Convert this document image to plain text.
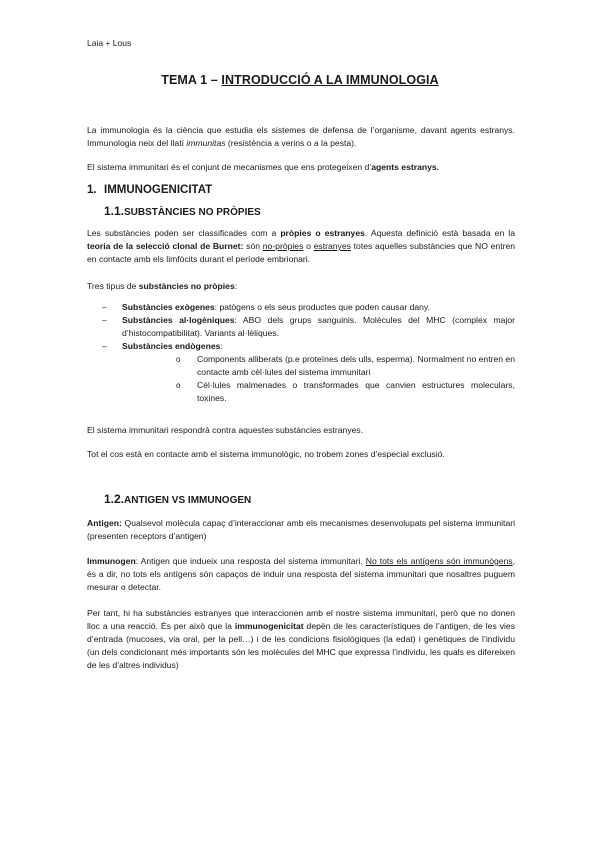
Laia + Lous
TEMA 1 – INTRODUCCIÓ A LA IMMUNOLOGIA

La immunologia és la ciència que estudia els sistemes de defensa de l’organisme, davant agents estranys. Immunologia neix del llatí immunitas (resistència a verins o a la pesta).

El sistema immunitari és el conjunt de mecanismes que ens protegeixen d’agents estranys.

1. IMMUNOGENICITAT
1.1.SUBSTÀNCIES NO PRÒPIES

Les substàncies poden ser classificades com a pròpies o estranyes. Aquesta definició està basada en la teoria de la selecció clonal de Burnet: són no-pròpies o estranyes totes aquelles substàncies que NO entren en contacte amb els limfòcits durant el període embrionari.

Tres tipus de substàncies no pròpies:

– Substàncies exògenes: patògens o els seus productes que poden causar dany.
– Substàncies al·logèniques: ABO dels grups sanguinis. Molècules del MHC (complex major d’histocompatibilitat). Variants al·lèliques.
– Substàncies endògenes:
o Components alliberats (p.e proteïnes dels ulls, esperma). Normalment no entren en contacte amb cèl·lules del sistema immunitari
o Cèl·lules malmenades o transformades que canvien estructures moleculars, toxines.

El sistema immunitari respondrà contra aquestes substàncies estranyes.

Tot el cos està en contacte amb el sistema immunològic, no trobem zones d’especial exclusió.

1.2.ANTIGEN VS IMMUNOGEN

Antigen: Qualsevol molècula capaç d’interaccionar amb els mecanismes desenvolupats pel sistema immunitari (presenten receptors d’antigen)

Immunogen: Antigen que indueix una resposta del sistema immunitari. No tots els antígens són immunògens, és a dir, no tots els antígens són capaços de induir una resposta del sistema immunitari que nosaltres puguem mesurar o detectar.

Per tant, hi ha substàncies estranyes que interaccionen amb el nostre sistema immunitari, però que no donen lloc a una reacció. És per això que la immunogenicitat depèn de les característiques de l’antigen, de les vies d’entrada (mucoses, via oral, per la pell…) i de les condicions fisiològiques (la edat) i genètiques de l’individu (un dels condicionant més importants són les molècules del MHC que expressa l’individu, les quals es difereixen de les d’altres individus)
